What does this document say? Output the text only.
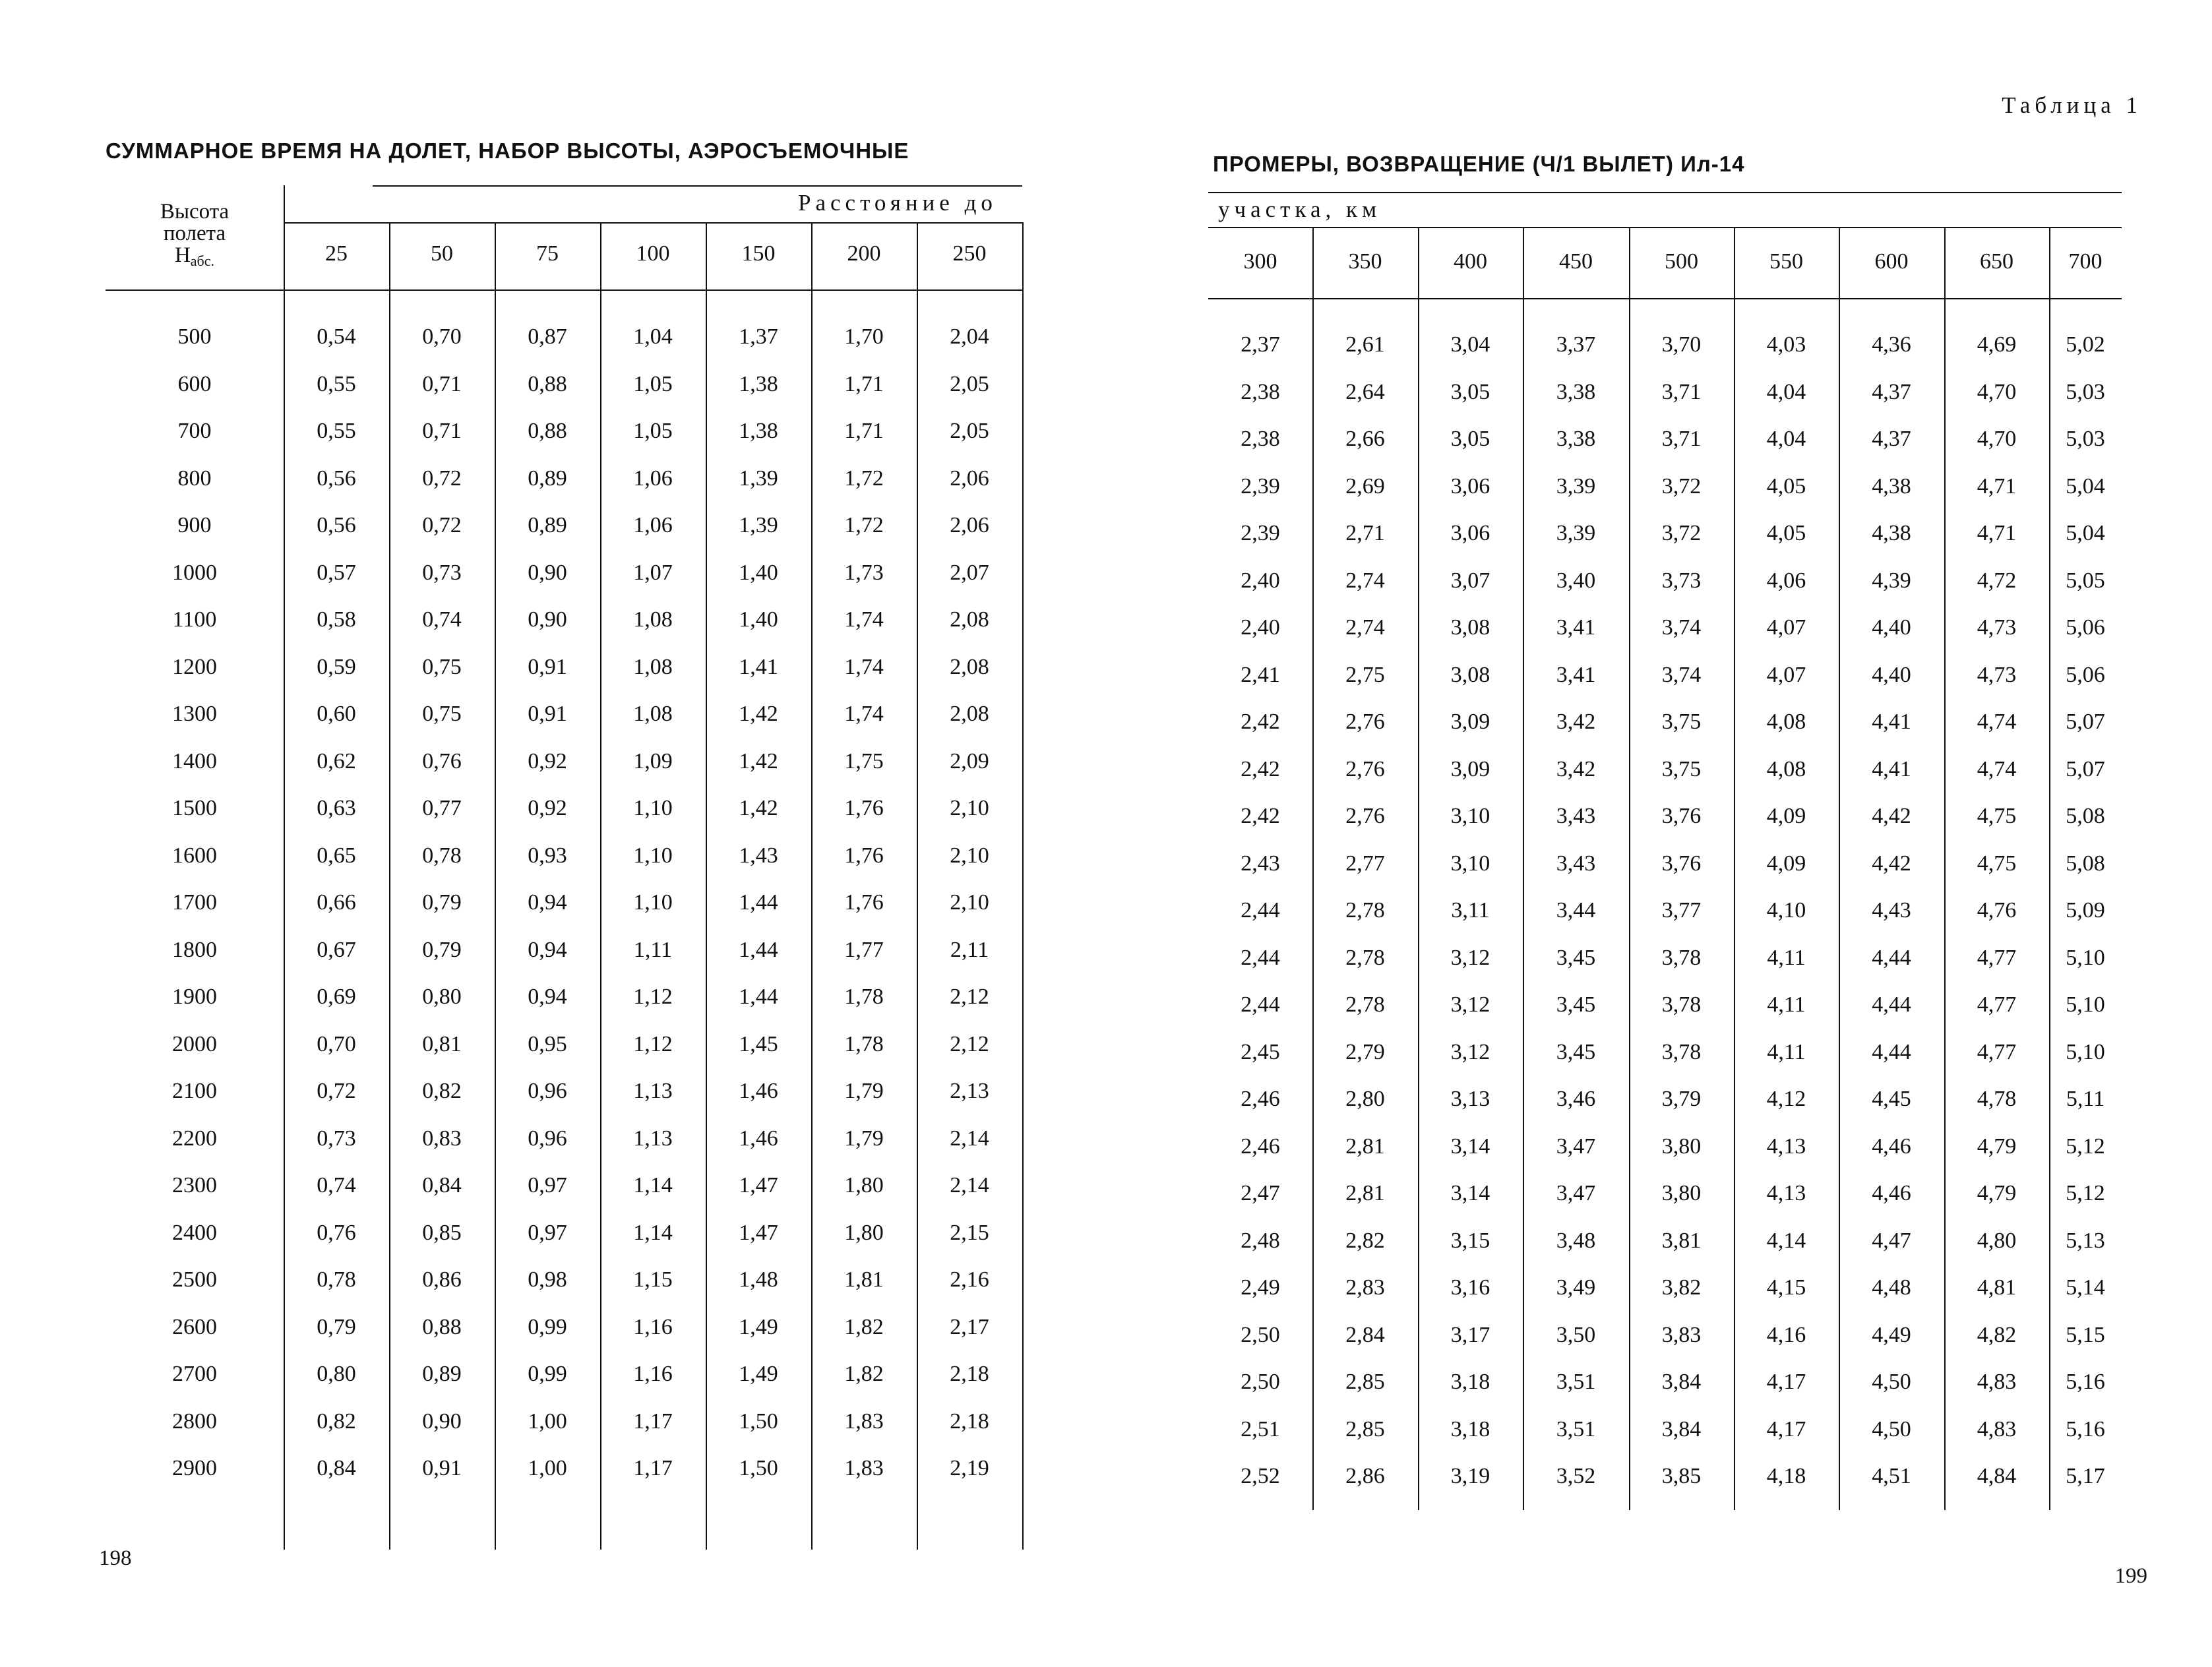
СУММАРНОЕ ВРЕМЯ НА ДОЛЕТ, НАБОР ВЫСОТЫ, АЭРОСЪЕМОЧНЫЕ
Высота
полета
$H_{абс.}$
Расстояние до
25	50	75	100	150	200	250
500	0,54	0,70	0,87	1,04	1,37	1,70	2,04
600	0,55	0,71	0,88	1,05	1,38	1,71	2,05
700	0,55	0,71	0,88	1,05	1,38	1,71	2,05
800	0,56	0,72	0,89	1,06	1,39	1,72	2,06
900	0,56	0,72	0,89	1,06	1,39	1,72	2,06
1000	0,57	0,73	0,90	1,07	1,40	1,73	2,07
1100	0,58	0,74	0,90	1,08	1,40	1,74	2,08
1200	0,59	0,75	0,91	1,08	1,41	1,74	2,08
1300	0,60	0,75	0,91	1,08	1,42	1,74	2,08
1400	0,62	0,76	0,92	1,09	1,42	1,75	2,09
1500	0,63	0,77	0,92	1,10	1,42	1,76	2,10
1600	0,65	0,78	0,93	1,10	1,43	1,76	2,10
1700	0,66	0,79	0,94	1,10	1,44	1,76	2,10
1800	0,67	0,79	0,94	1,11	1,44	1,77	2,11
1900	0,69	0,80	0,94	1,12	1,44	1,78	2,12
2000	0,70	0,81	0,95	1,12	1,45	1,78	2,12
2100	0,72	0,82	0,96	1,13	1,46	1,79	2,13
2200	0,73	0,83	0,96	1,13	1,46	1,79	2,14
2300	0,74	0,84	0,97	1,14	1,47	1,80	2,14
2400	0,76	0,85	0,97	1,14	1,47	1,80	2,15
2500	0,78	0,86	0,98	1,15	1,48	1,81	2,16
2600	0,79	0,88	0,99	1,16	1,49	1,82	2,17
2700	0,80	0,89	0,99	1,16	1,49	1,82	2,18
2800	0,82	0,90	1,00	1,17	1,50	1,83	2,18
2900	0,84	0,91	1,00	1,17	1,50	1,83	2,19
198
Таблица 1
ПРОМЕРЫ, ВОЗВРАЩЕНИЕ (Ч/1 ВЫЛЕТ) Ил-14
участка, км
300	350	400	450	500	550	600	650	700
2,37	2,61	3,04	3,37	3,70	4,03	4,36	4,69	5,02
2,38	2,64	3,05	3,38	3,71	4,04	4,37	4,70	5,03
2,38	2,66	3,05	3,38	3,71	4,04	4,37	4,70	5,03
2,39	2,69	3,06	3,39	3,72	4,05	4,38	4,71	5,04
2,39	2,71	3,06	3,39	3,72	4,05	4,38	4,71	5,04
2,40	2,74	3,07	3,40	3,73	4,06	4,39	4,72	5,05
2,40	2,74	3,08	3,41	3,74	4,07	4,40	4,73	5,06
2,41	2,75	3,08	3,41	3,74	4,07	4,40	4,73	5,06
2,42	2,76	3,09	3,42	3,75	4,08	4,41	4,74	5,07
2,42	2,76	3,09	3,42	3,75	4,08	4,41	4,74	5,07
2,42	2,76	3,10	3,43	3,76	4,09	4,42	4,75	5,08
2,43	2,77	3,10	3,43	3,76	4,09	4,42	4,75	5,08
2,44	2,78	3,11	3,44	3,77	4,10	4,43	4,76	5,09
2,44	2,78	3,12	3,45	3,78	4,11	4,44	4,77	5,10
2,44	2,78	3,12	3,45	3,78	4,11	4,44	4,77	5,10
2,45	2,79	3,12	3,45	3,78	4,11	4,44	4,77	5,10
2,46	2,80	3,13	3,46	3,79	4,12	4,45	4,78	5,11
2,46	2,81	3,14	3,47	3,80	4,13	4,46	4,79	5,12
2,47	2,81	3,14	3,47	3,80	4,13	4,46	4,79	5,12
2,48	2,82	3,15	3,48	3,81	4,14	4,47	4,80	5,13
2,49	2,83	3,16	3,49	3,82	4,15	4,48	4,81	5,14
2,50	2,84	3,17	3,50	3,83	4,16	4,49	4,82	5,15
2,50	2,85	3,18	3,51	3,84	4,17	4,50	4,83	5,16
2,51	2,85	3,18	3,51	3,84	4,17	4,50	4,83	5,16
2,52	2,86	3,19	3,52	3,85	4,18	4,51	4,84	5,17
199
